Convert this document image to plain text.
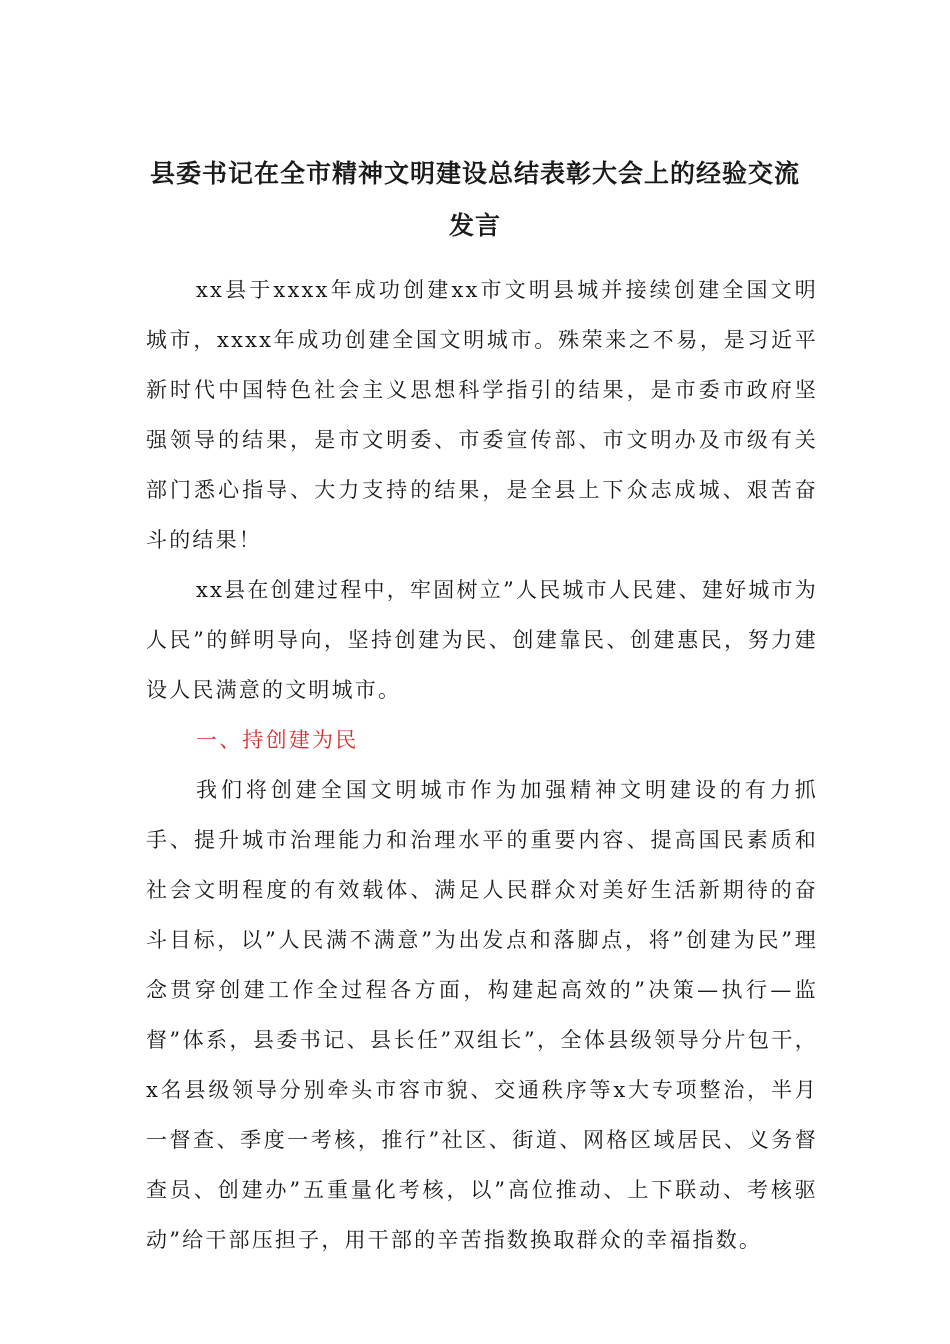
县委书记在全市精神文明建设总结表彰大会上的经验交流
发言

xx县于xxxx年成功创建xx市文明县城并接续创建全国文明城市，xxxx年成功创建全国文明城市。殊荣来之不易，是习近平新时代中国特色社会主义思想科学指引的结果，是市委市政府坚强领导的结果，是市文明委、市委宣传部、市文明办及市级有关部门悉心指导、大力支持的结果，是全县上下众志成城、艰苦奋斗的结果！

xx县在创建过程中，牢固树立”人民城市人民建、建好城市为人民”的鲜明导向，坚持创建为民、创建靠民、创建惠民，努力建设人民满意的文明城市。

一、持创建为民

我们将创建全国文明城市作为加强精神文明建设的有力抓手、提升城市治理能力和治理水平的重要内容、提高国民素质和社会文明程度的有效载体、满足人民群众对美好生活新期待的奋斗目标，以”人民满不满意”为出发点和落脚点，将”创建为民”理念贯穿创建工作全过程各方面，构建起高效的”决策—执行—监督”体系，县委书记、县长任”双组长”，全体县级领导分片包干，x名县级领导分别牵头市容市貌、交通秩序等x大专项整治，半月一督查、季度一考核，推行”社区、街道、网格区域居民、义务督查员、创建办”五重量化考核，以”高位推动、上下联动、考核驱动”给干部压担子，用干部的辛苦指数换取群众的幸福指数。
